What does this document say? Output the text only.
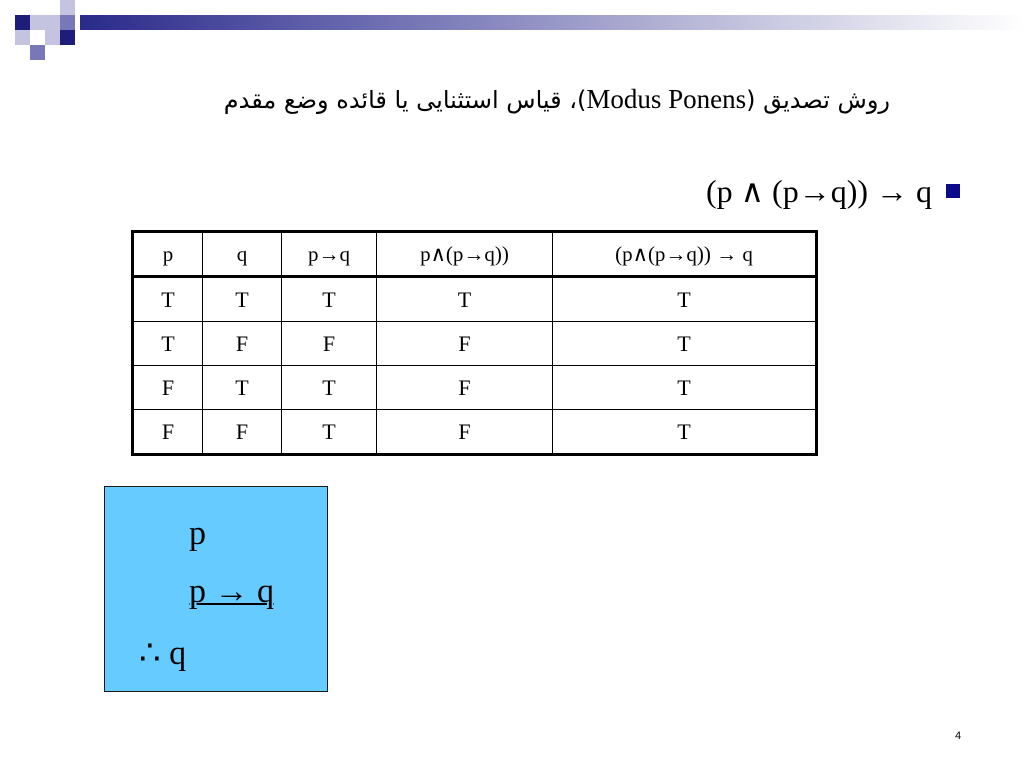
روش تصدیق (Modus Ponens)، قیاس استثنایی یا قائده وضع مقدم
(p ∧ (p→q)) → q
p	q	p→q	p∧(p→q))	(p∧(p→q)) → q
T	T	T	T	T
T	F	F	F	T
F	T	T	F	T
F	F	T	F	T
p
p → q
∴ q
4
